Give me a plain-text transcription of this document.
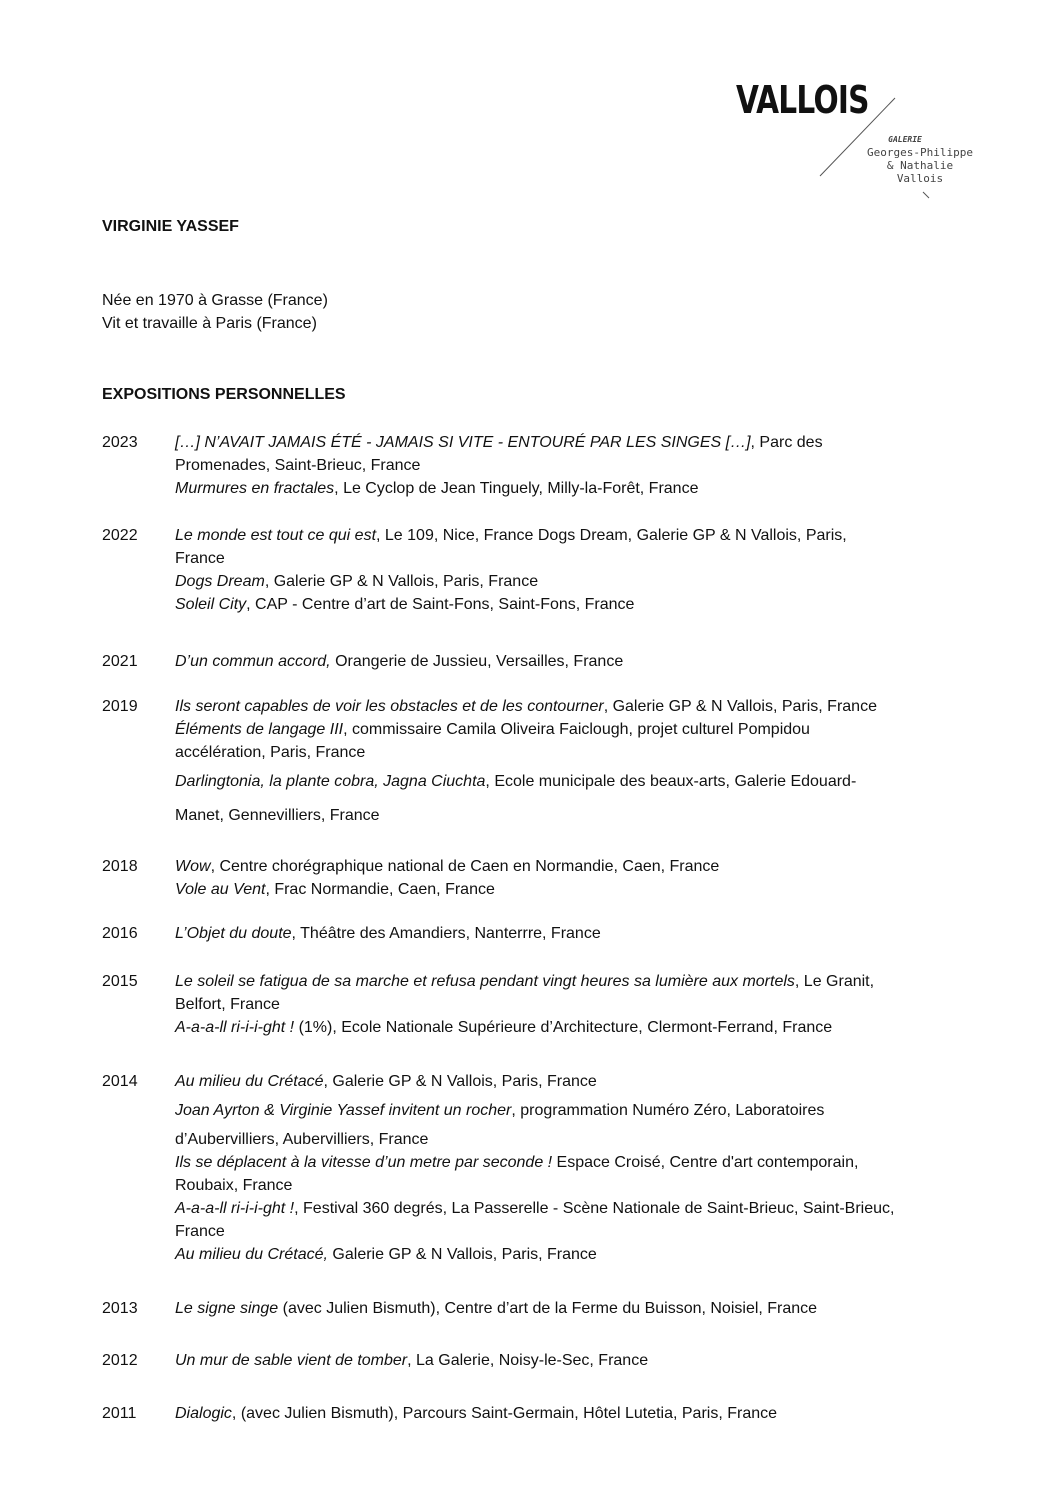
VALLOIS
GALERIE
Georges-Philippe
& Nathalie
Vallois
VIRGINIE YASSEF
Née en 1970 à Grasse (France)
Vit et travaille à Paris (France)
EXPOSITIONS PERSONNELLES
2023 […] N’AVAIT JAMAIS ÉTÉ - JAMAIS SI VITE - ENTOURÉ PAR LES SINGES […], Parc des
Promenades, Saint-Brieuc, France
Murmures en fractales, Le Cyclop de Jean Tinguely, Milly-la-Forêt, France
2022 Le monde est tout ce qui est, Le 109, Nice, France Dogs Dream, Galerie GP & N Vallois, Paris,
France
Dogs Dream, Galerie GP & N Vallois, Paris, France
Soleil City, CAP - Centre d’art de Saint-Fons, Saint-Fons, France
2021 D’un commun accord, Orangerie de Jussieu, Versailles, France
2019 Ils seront capables de voir les obstacles et de les contourner, Galerie GP & N Vallois, Paris, France
Éléments de langage III, commissaire Camila Oliveira Faiclough, projet culturel Pompidou
accélération, Paris, France
Darlingtonia, la plante cobra, Jagna Ciuchta, Ecole municipale des beaux-arts, Galerie Edouard-
Manet, Gennevilliers, France
2018 Wow, Centre chorégraphique national de Caen en Normandie, Caen, France
Vole au Vent, Frac Normandie, Caen, France
2016 L’Objet du doute, Théâtre des Amandiers, Nanterrre, France
2015 Le soleil se fatigua de sa marche et refusa pendant vingt heures sa lumière aux mortels, Le Granit,
Belfort, France
A-a-a-ll ri-i-i-ght ! (1%), Ecole Nationale Supérieure d’Architecture, Clermont-Ferrand, France
2014 Au milieu du Crétacé, Galerie GP & N Vallois, Paris, France
Joan Ayrton & Virginie Yassef invitent un rocher, programmation Numéro Zéro, Laboratoires
d’Aubervilliers, Aubervilliers, France
Ils se déplacent à la vitesse d’un metre par seconde ! Espace Croisé, Centre d'art contemporain,
Roubaix, France
A-a-a-ll ri-i-i-ght !, Festival 360 degrés, La Passerelle - Scène Nationale de Saint-Brieuc, Saint-Brieuc,
France
Au milieu du Crétacé, Galerie GP & N Vallois, Paris, France
2013 Le signe singe (avec Julien Bismuth), Centre d’art de la Ferme du Buisson, Noisiel, France
2012 Un mur de sable vient de tomber, La Galerie, Noisy-le-Sec, France
2011 Dialogic, (avec Julien Bismuth), Parcours Saint-Germain, Hôtel Lutetia, Paris, France
